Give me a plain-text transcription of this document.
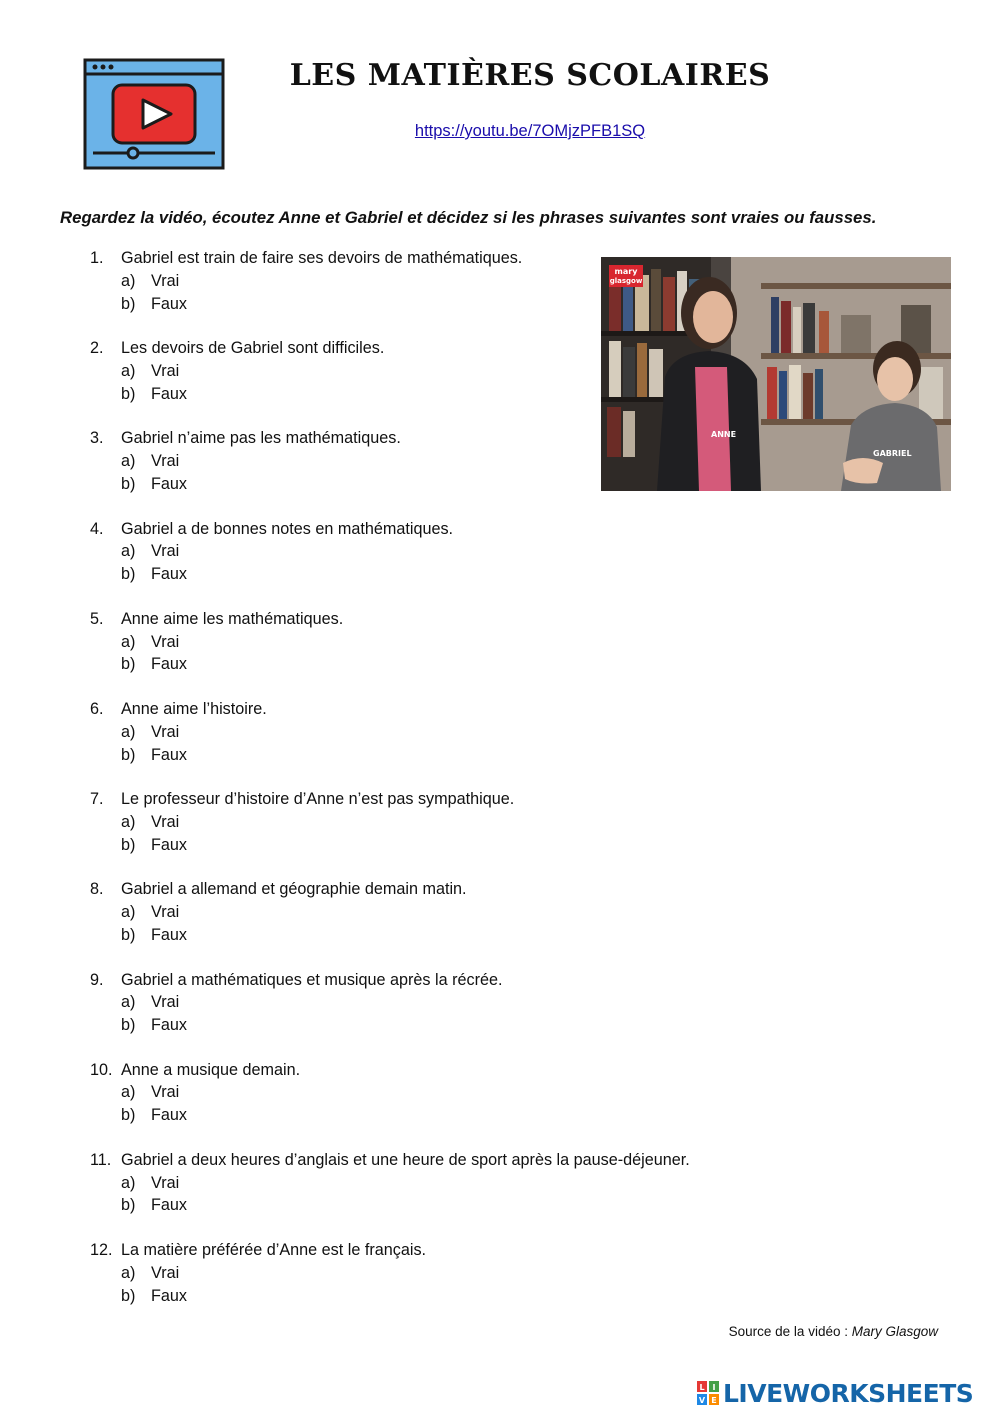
LES MATIÈRES SCOLAIRES
https://youtu.be/7OMjzPFB1SQ

Regardez la vidéo, écoutez Anne et Gabriel et décidez si les phrases suivantes sont vraies ou fausses.

mary
glasgow
ANNE
GABRIEL
1.	Gabriel est train de faire ses devoirs de mathématiques.
a) Vrai
b) Faux
2.	Les devoirs de Gabriel sont difficiles.
a) Vrai
b) Faux
3.	Gabriel n’aime pas les mathématiques.
a) Vrai
b) Faux
4.	Gabriel a de bonnes notes en mathématiques.
a) Vrai
b) Faux
5.	Anne aime les mathématiques.
a) Vrai
b) Faux
6.	Anne aime l’histoire.
a) Vrai
b) Faux
7.	Le professeur d’histoire d’Anne n’est pas sympathique.
a) Vrai
b) Faux
8.	Gabriel a allemand et géographie demain matin.
a) Vrai
b) Faux
9.	Gabriel a mathématiques et musique après la récrée.
a) Vrai
b) Faux
10. Anne a musique demain.
a) Vrai
b) Faux
11. Gabriel a deux heures d’anglais et une heure de sport après la pause-déjeuner.
a) Vrai
b) Faux
12. La matière préférée d’Anne est le français.
a) Vrai
b) Faux
Source de la vidéo : Mary Glasgow
L I
V E LIVEWORKSHEETS
